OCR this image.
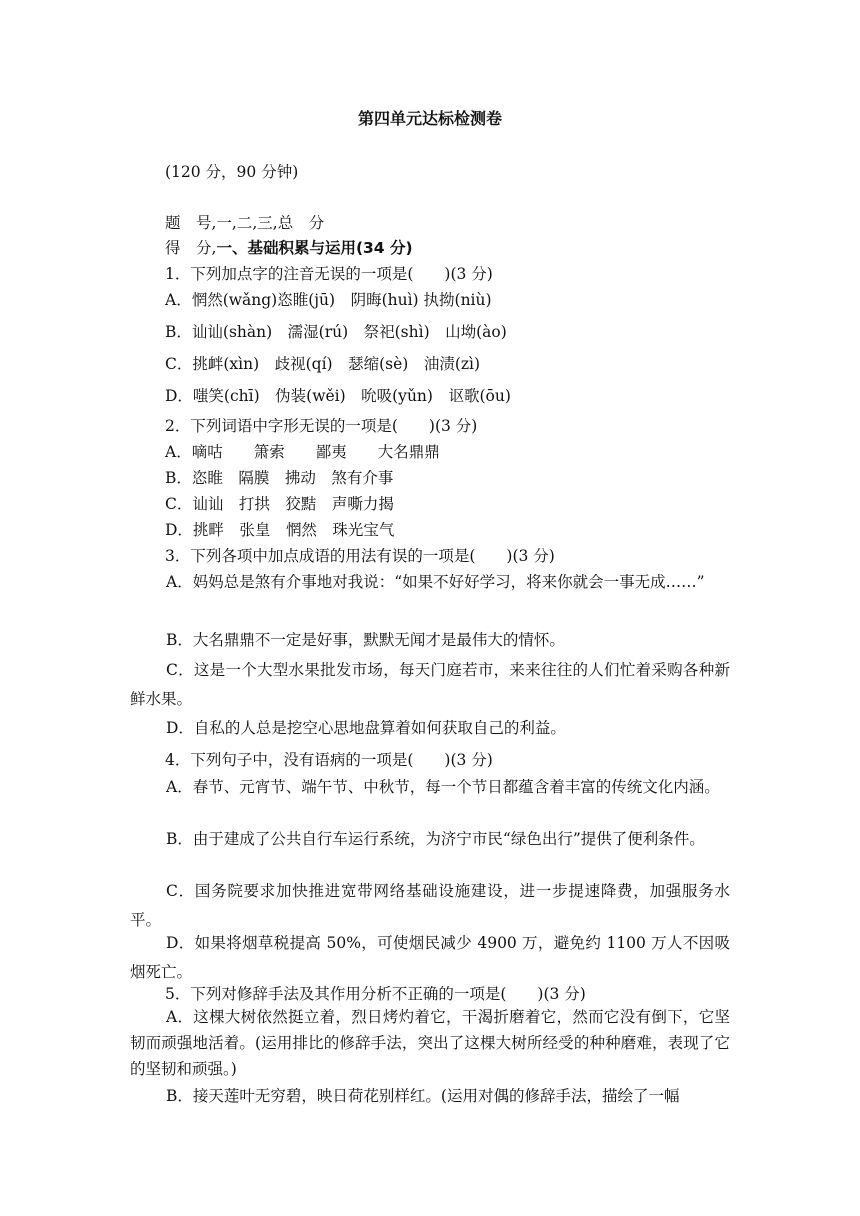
第四单元达标检测卷
(120 分，90 分钟)
题　号,一,二,三,总　分
得　分,一、基础积累与运用(34 分)
1．下列加点字的注音无误的一项是(　　)(3 分)
A．惘然(wǎng)恣睢(jū)　阴晦(huì) 执拗(niù)
B．讪讪(shàn)　濡湿(rú)　祭祀(shì)　山坳(ào)
C．挑衅(xìn)　歧视(qí)　瑟缩(sè)　油渍(zì)
D．嗤笑(chī)　伪装(wěi)　吮吸(yǔn)　讴歌(ōu)
2．下列词语中字形无误的一项是(　　)(3 分)
A．嘀咕　　箫索　　鄙夷　　大名鼎鼎
B．恣睢　隔膜　拂动　煞有介事
C．讪讪　打拱　狡黠　声嘶力揭
D．挑畔　张皇　惘然　珠光宝气
3．下列各项中加点成语的用法有误的一项是(　　)(3 分)
A．妈妈总是煞有介事地对我说：“如果不好好学习，将来你就会一事无成……”
B．大名鼎鼎不一定是好事，默默无闻才是最伟大的情怀。
C．这是一个大型水果批发市场，每天门庭若市，来来往往的人们忙着采购各种新鲜水果。
D．自私的人总是挖空心思地盘算着如何获取自己的利益。
4．下列句子中，没有语病的一项是(　　)(3 分)
A．春节、元宵节、端午节、中秋节，每一个节日都蕴含着丰富的传统文化内涵。
B．由于建成了公共自行车运行系统，为济宁市民“绿色出行”提供了便利条件。
C．国务院要求加快推进宽带网络基础设施建设，进一步提速降费，加强服务水平。
D．如果将烟草税提高 50%，可使烟民减少 4900 万，避免约 1100 万人不因吸烟死亡。
5．下列对修辞手法及其作用分析不正确的一项是(　　)(3 分)
A．这棵大树依然挺立着，烈日烤灼着它，干渴折磨着它，然而它没有倒下，它坚韧而顽强地活着。(运用排比的修辞手法，突出了这棵大树所经受的种种磨难，表现了它的坚韧和顽强。)
B．接天莲叶无穷碧，映日荷花别样红。(运用对偶的修辞手法，描绘了一幅
